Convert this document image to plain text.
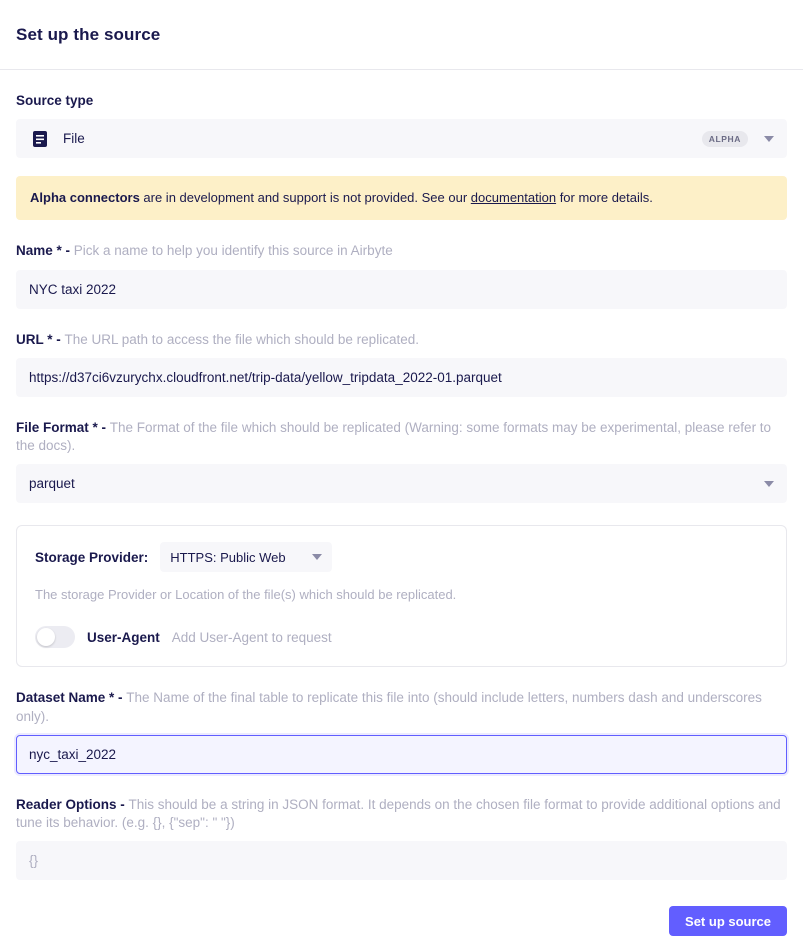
Set up the source
Source type
File	ALPHA
Alpha connectors are in development and support is not provided. See our documentation for more details.
Name * - Pick a name to help you identify this source in Airbyte
NYC taxi 2022
URL * - The URL path to access the file which should be replicated.
https://d37ci6vzurychx.cloudfront.net/trip-data/yellow_tripdata_2022-01.parquet
File Format * - The Format of the file which should be replicated (Warning: some formats may be experimental, please refer to the docs).
parquet
Storage Provider: HTTPS: Public Web
The storage Provider or Location of the file(s) which should be replicated.
User-Agent Add User-Agent to request
Dataset Name * - The Name of the final table to replicate this file into (should include letters, numbers dash and underscores only).
nyc_taxi_2022
Reader Options - This should be a string in JSON format. It depends on the chosen file format to provide additional options and tune its behavior. (e.g. {}, {"sep": " "})
{}
Set up source
